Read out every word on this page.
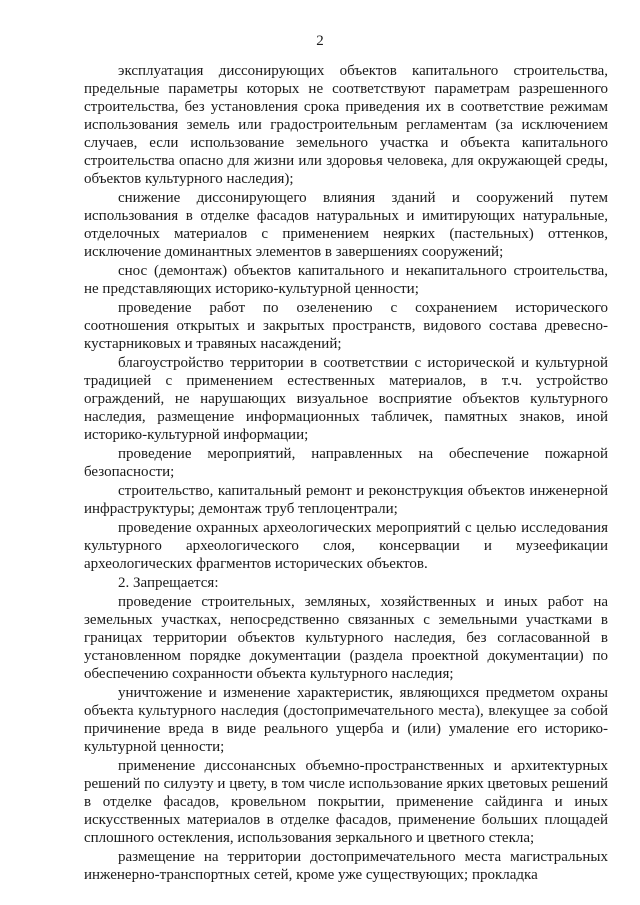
2

эксплуатация диссонирующих объектов капитального строительства, предельные параметры которых не соответствуют параметрам разрешенного строительства, без установления срока приведения их в соответствие режимам использования земель или градостроительным регламентам (за исключением случаев, если использование земельного участка и объекта капитального строительства опасно для жизни или здоровья человека, для окружающей среды, объектов культурного наследия);

снижение диссонирующего влияния зданий и сооружений путем использования в отделке фасадов натуральных и имитирующих натуральные, отделочных материалов с применением неярких (пастельных) оттенков, исключение доминантных элементов в завершениях сооружений;

снос (демонтаж) объектов капитального и некапитального строительства, не представляющих историко-культурной ценности;

проведение работ по озеленению с сохранением исторического соотношения открытых и закрытых пространств, видового состава древесно-кустарниковых и травяных насаждений;

благоустройство территории в соответствии с исторической и культурной традицией с применением естественных материалов, в т.ч. устройство ограждений, не нарушающих визуальное восприятие объектов культурного наследия, размещение информационных табличек, памятных знаков, иной историко-культурной информации;

проведение мероприятий, направленных на обеспечение пожарной безопасности;

строительство, капитальный ремонт и реконструкция объектов инженерной инфраструктуры; демонтаж труб теплоцентрали;

проведение охранных археологических мероприятий с целью исследования культурного археологического слоя, консервации и музеефикации археологических фрагментов исторических объектов.

2. Запрещается:

проведение строительных, земляных, хозяйственных и иных работ на земельных участках, непосредственно связанных с земельными участками в границах территории объектов культурного наследия, без согласованной в установленном порядке документации (раздела проектной документации) по обеспечению сохранности объекта культурного наследия;

уничтожение и изменение характеристик, являющихся предметом охраны объекта культурного наследия (достопримечательного места), влекущее за собой причинение вреда в виде реального ущерба и (или) умаление его историко-культурной ценности;

применение диссонансных объемно-пространственных и архитектурных решений по силуэту и цвету, в том числе использование ярких цветовых решений в отделке фасадов, кровельном покрытии, применение сайдинга и иных искусственных материалов в отделке фасадов, применение больших площадей сплошного остекления, использования зеркального и цветного стекла;

размещение на территории достопримечательного места магистральных инженерно-транспортных сетей, кроме уже существующих; прокладка
